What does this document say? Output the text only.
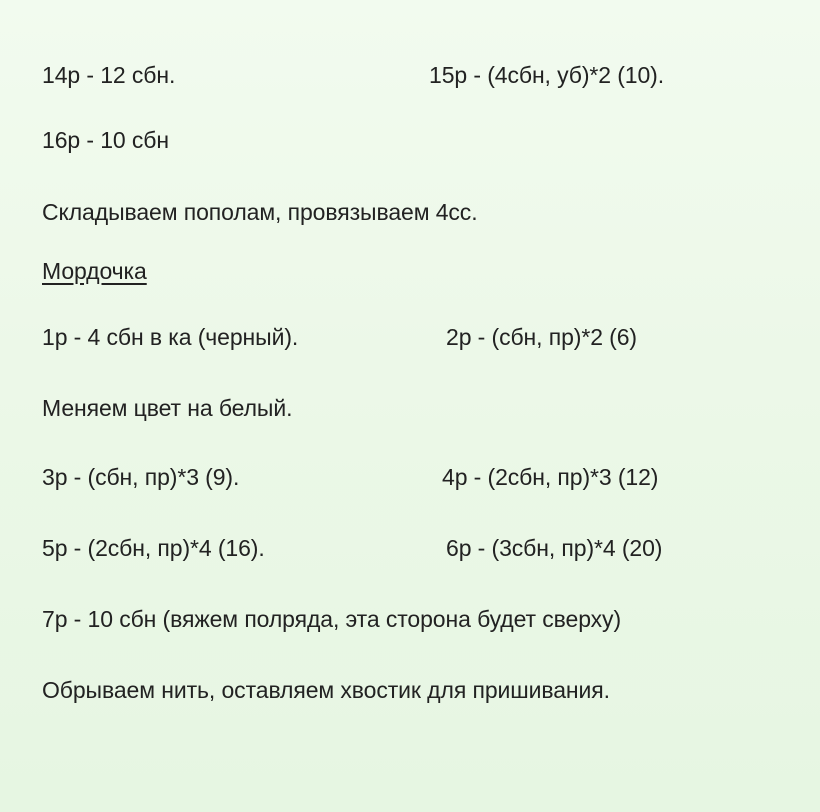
14р - 12 сбн.	15р - (4сбн, уб)*2 (10).
16р - 10 сбн
Складываем пополам, провязываем 4сс.
Мордочка
1р - 4 сбн в ка (черный).	2р - (сбн, пр)*2 (6)
Меняем цвет на белый.
3р - (сбн, пр)*3 (9).	4р - (2сбн, пр)*3 (12)
5р - (2сбн, пр)*4 (16).	6р - (3сбн, пр)*4 (20)
7р - 10 сбн (вяжем полряда, эта сторона будет сверху)
Обрываем нить, оставляем хвостик для пришивания.
